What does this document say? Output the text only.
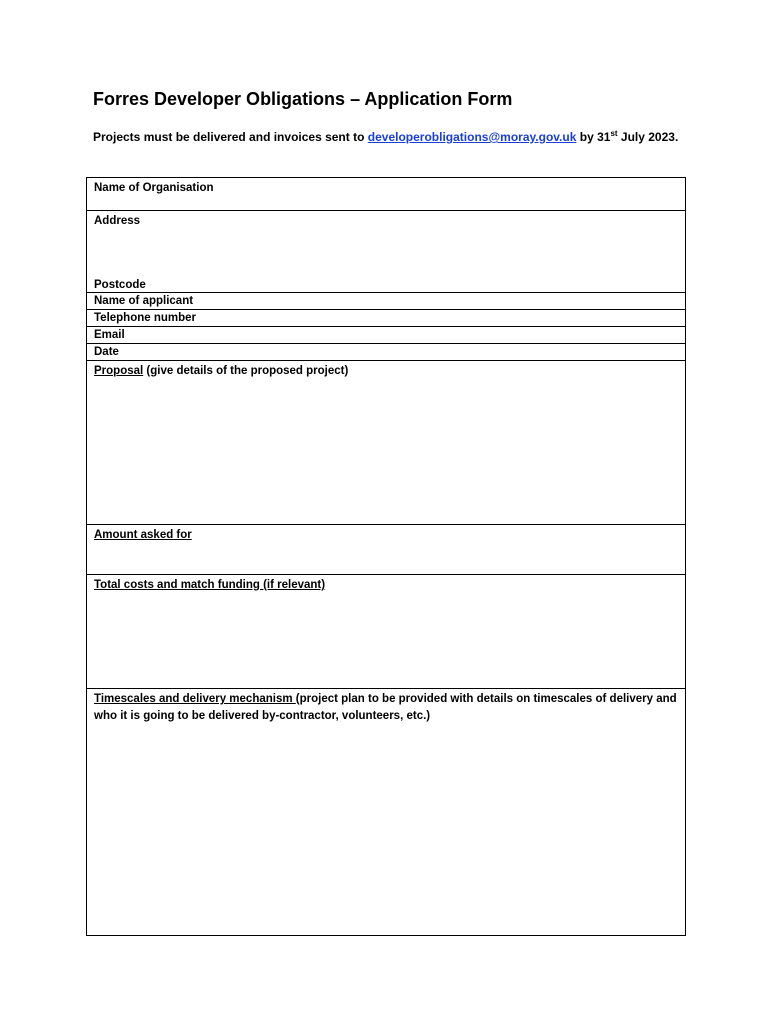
Forres Developer Obligations – Application Form
Projects must be delivered and invoices sent to developerobligations@moray.gov.uk by 31st July 2023.
Name of Organisation
Address
Postcode
Name of applicant
Telephone number
Email
Date
Proposal (give details of the proposed project)
Amount asked for
Total costs and match funding (if relevant)
Timescales and delivery mechanism (project plan to be provided with details on timescales of delivery and who it is going to be delivered by-contractor, volunteers, etc.)
